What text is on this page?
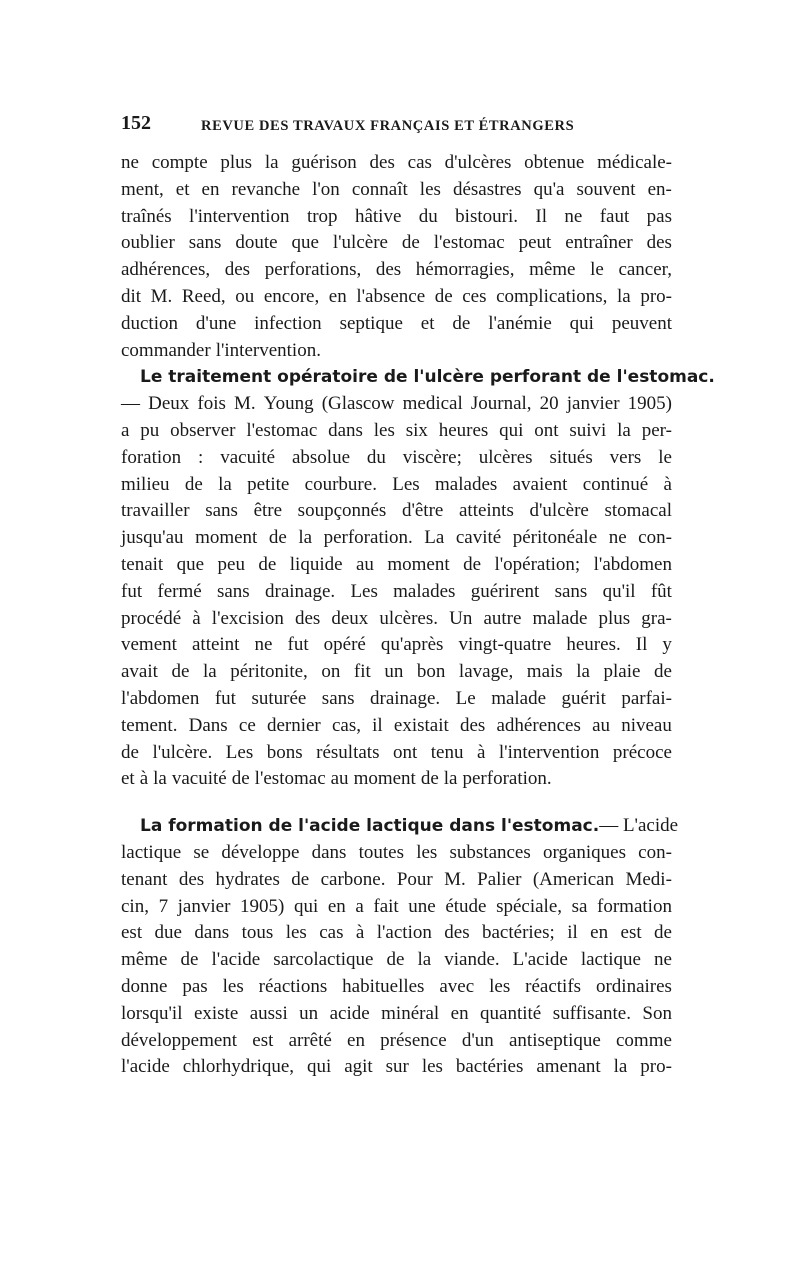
152	REVUE DES TRAVAUX FRANÇAIS ET ÉTRANGERS
ne compte plus la guérison des cas d'ulcères obtenue médicale-
ment, et en revanche l'on connaît les désastres qu'a souvent en-
traînés l'intervention trop hâtive du bistouri. Il ne faut pas
oublier sans doute que l'ulcère de l'estomac peut entraîner des
adhérences, des perforations, des hémorragies, même le cancer,
dit M. Reed, ou encore, en l'absence de ces complications, la pro-
duction d'une infection septique et de l'anémie qui peuvent
commander l'intervention.
Le traitement opératoire de l'ulcère perforant de l'estomac.
— Deux fois M. Young (Glascow medical Journal, 20 janvier 1905)
a pu observer l'estomac dans les six heures qui ont suivi la per-
foration : vacuité absolue du viscère; ulcères situés vers le
milieu de la petite courbure. Les malades avaient continué à
travailler sans être soupçonnés d'être atteints d'ulcère stomacal
jusqu'au moment de la perforation. La cavité péritonéale ne con-
tenait que peu de liquide au moment de l'opération; l'abdomen
fut fermé sans drainage. Les malades guérirent sans qu'il fût
procédé à l'excision des deux ulcères. Un autre malade plus gra-
vement atteint ne fut opéré qu'après vingt-quatre heures. Il y
avait de la péritonite, on fit un bon lavage, mais la plaie de
l'abdomen fut suturée sans drainage. Le malade guérit parfai-
tement. Dans ce dernier cas, il existait des adhérences au niveau
de l'ulcère. Les bons résultats ont tenu à l'intervention précoce
et à la vacuité de l'estomac au moment de la perforation.
La formation de l'acide lactique dans l'estomac. — L'acide
lactique se développe dans toutes les substances organiques con-
tenant des hydrates de carbone. Pour M. Palier (American Medi-
cin, 7 janvier 1905) qui en a fait une étude spéciale, sa formation
est due dans tous les cas à l'action des bactéries; il en est de
même de l'acide sarcolactique de la viande. L'acide lactique ne
donne pas les réactions habituelles avec les réactifs ordinaires
lorsqu'il existe aussi un acide minéral en quantité suffisante. Son
développement est arrêté en présence d'un antiseptique comme
l'acide chlorhydrique, qui agit sur les bactéries amenant la pro-
